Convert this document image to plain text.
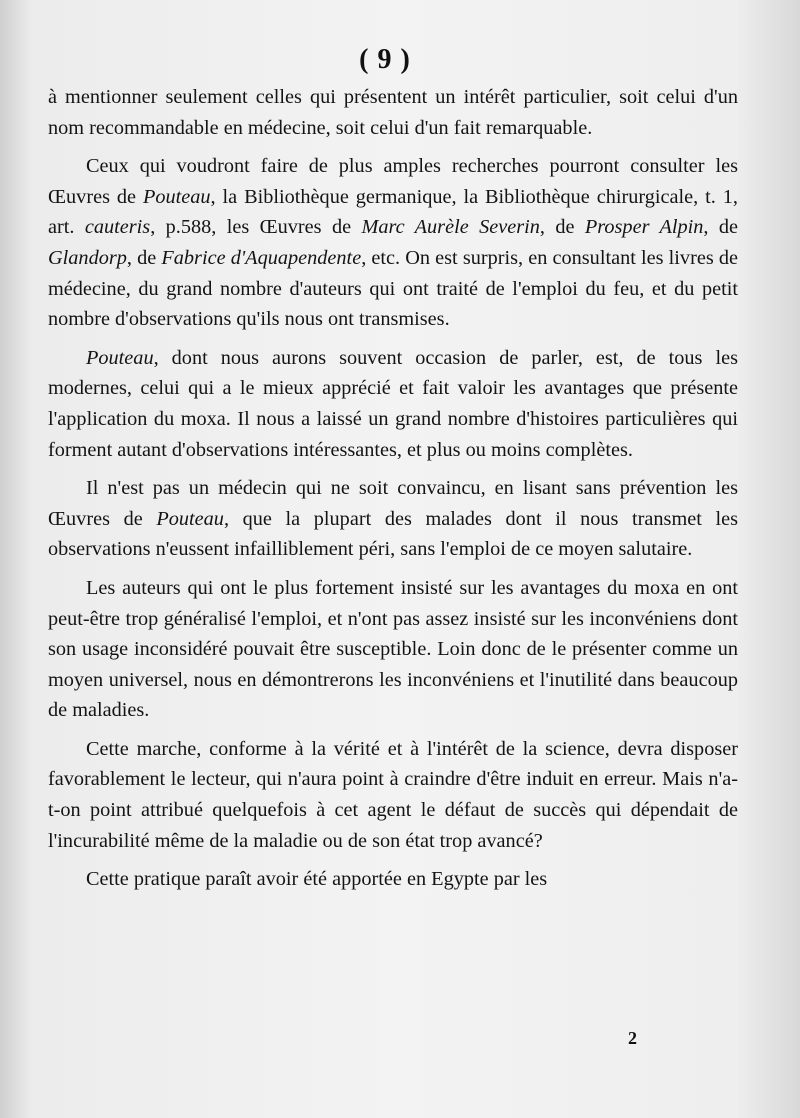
( 9 )

à mentionner seulement celles qui présentent un intérêt particulier, soit celui d'un nom recommandable en médecine, soit celui d'un fait remarquable.

Ceux qui voudront faire de plus amples recherches pourront consulter les Œuvres de Pouteau, la Bibliothèque germanique, la Bibliothèque chirurgicale, t. 1, art. cauteris, p.588, les Œuvres de Marc Aurèle Severin, de Prosper Alpin, de Glandorp, de Fabrice d'Aquapendente, etc. On est surpris, en consultant les livres de médecine, du grand nombre d'auteurs qui ont traité de l'emploi du feu, et du petit nombre d'observations qu'ils nous ont transmises.

Pouteau, dont nous aurons souvent occasion de parler, est, de tous les modernes, celui qui a le mieux apprécié et fait valoir les avantages que présente l'application du moxa. Il nous a laissé un grand nombre d'histoires particulières qui forment autant d'observations intéressantes, et plus ou moins complètes.

Il n'est pas un médecin qui ne soit convaincu, en lisant sans prévention les Œuvres de Pouteau, que la plupart des malades dont il nous transmet les observations n'eussent infailliblement péri, sans l'emploi de ce moyen salutaire.

Les auteurs qui ont le plus fortement insisté sur les avantages du moxa en ont peut-être trop généralisé l'emploi, et n'ont pas assez insisté sur les inconvéniens dont son usage inconsidéré pouvait être susceptible. Loin donc de le présenter comme un moyen universel, nous en démontrerons les inconvéniens et l'inutilité dans beaucoup de maladies.

Cette marche, conforme à la vérité et à l'intérêt de la science, devra disposer favorablement le lecteur, qui n'aura point à craindre d'être induit en erreur. Mais n'a-t-on point attribué quelquefois à cet agent le défaut de succès qui dépendait de l'incurabilité même de la maladie ou de son état trop avancé?

Cette pratique paraît avoir été apportée en Egypte par les

2
